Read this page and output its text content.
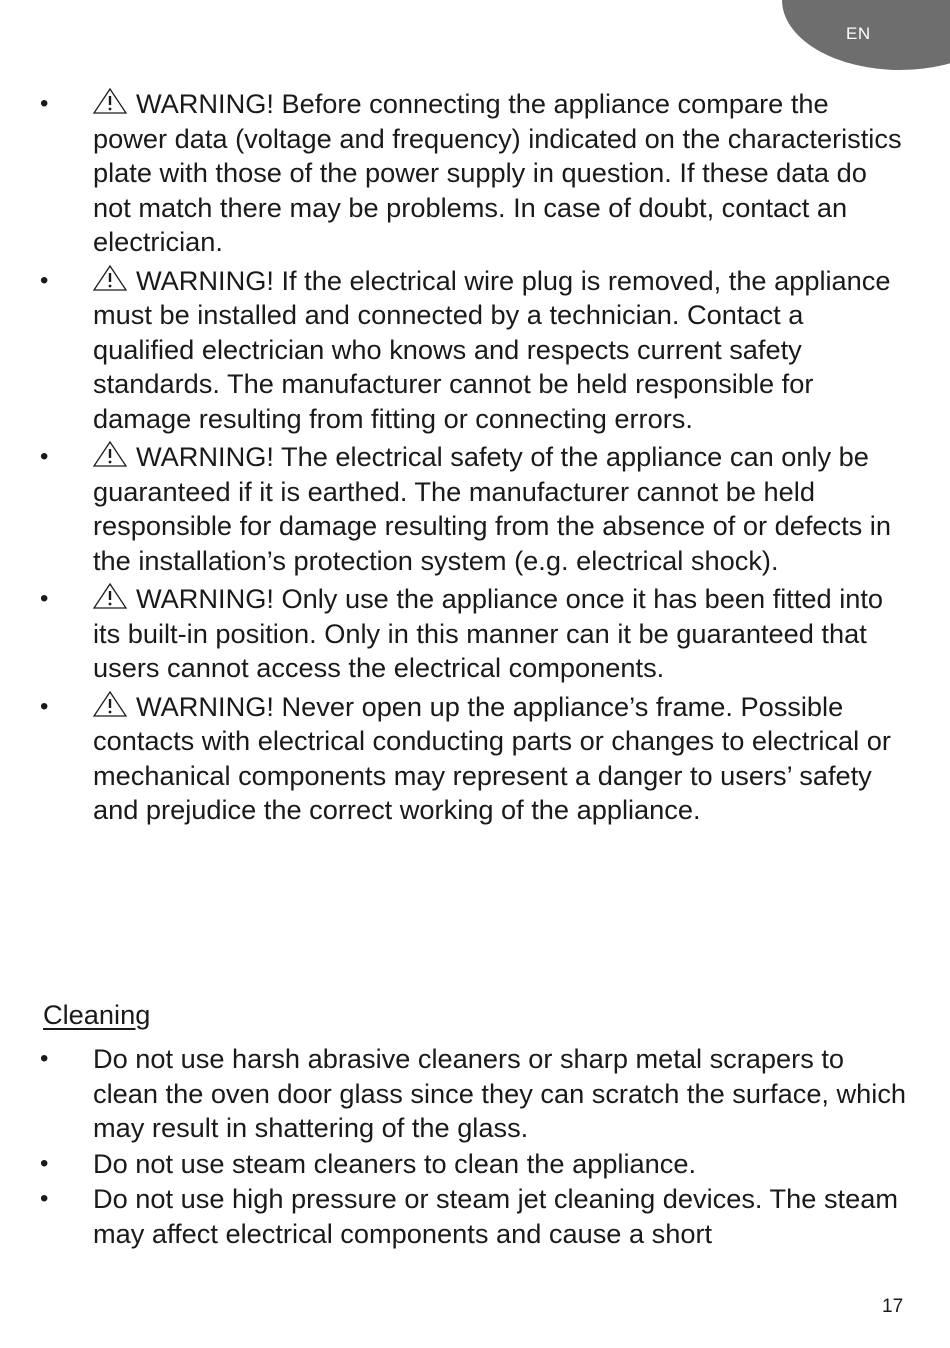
EN
•	WARNING! Before connecting the appliance compare the power data (voltage and frequency) indicated on the characteristics plate with those of the power supply in question. If these data do not match there may be problems. In case of doubt, contact an electrician.
•	WARNING! If the electrical wire plug is removed, the appliance must be installed and connected by a technician. Contact a qualified electrician who knows and respects current safety standards. The manufacturer cannot be held responsible for damage resulting from fitting or connecting errors.
•	WARNING! The electrical safety of the appliance can only be guaranteed if it is earthed. The manufacturer cannot be held responsible for damage resulting from the absence of or defects in the installation’s protection system (e.g. electrical shock).
•	WARNING! Only use the appliance once it has been fitted into its built-in position. Only in this manner can it be guaranteed that users cannot access the electrical components.
•	WARNING! Never open up the appliance’s frame. Possible contacts with electrical conducting parts or changes to electrical or mechanical components may represent a danger to users’ safety and prejudice the correct working of the appliance.
Cleaning
• Do not use harsh abrasive cleaners or sharp metal scrapers to clean the oven door glass since they can scratch the surface, which may result in shattering of the glass.
• Do not use steam cleaners to clean the appliance.
• Do not use high pressure or steam jet cleaning devices. The steam may affect electrical components and cause a short
17
